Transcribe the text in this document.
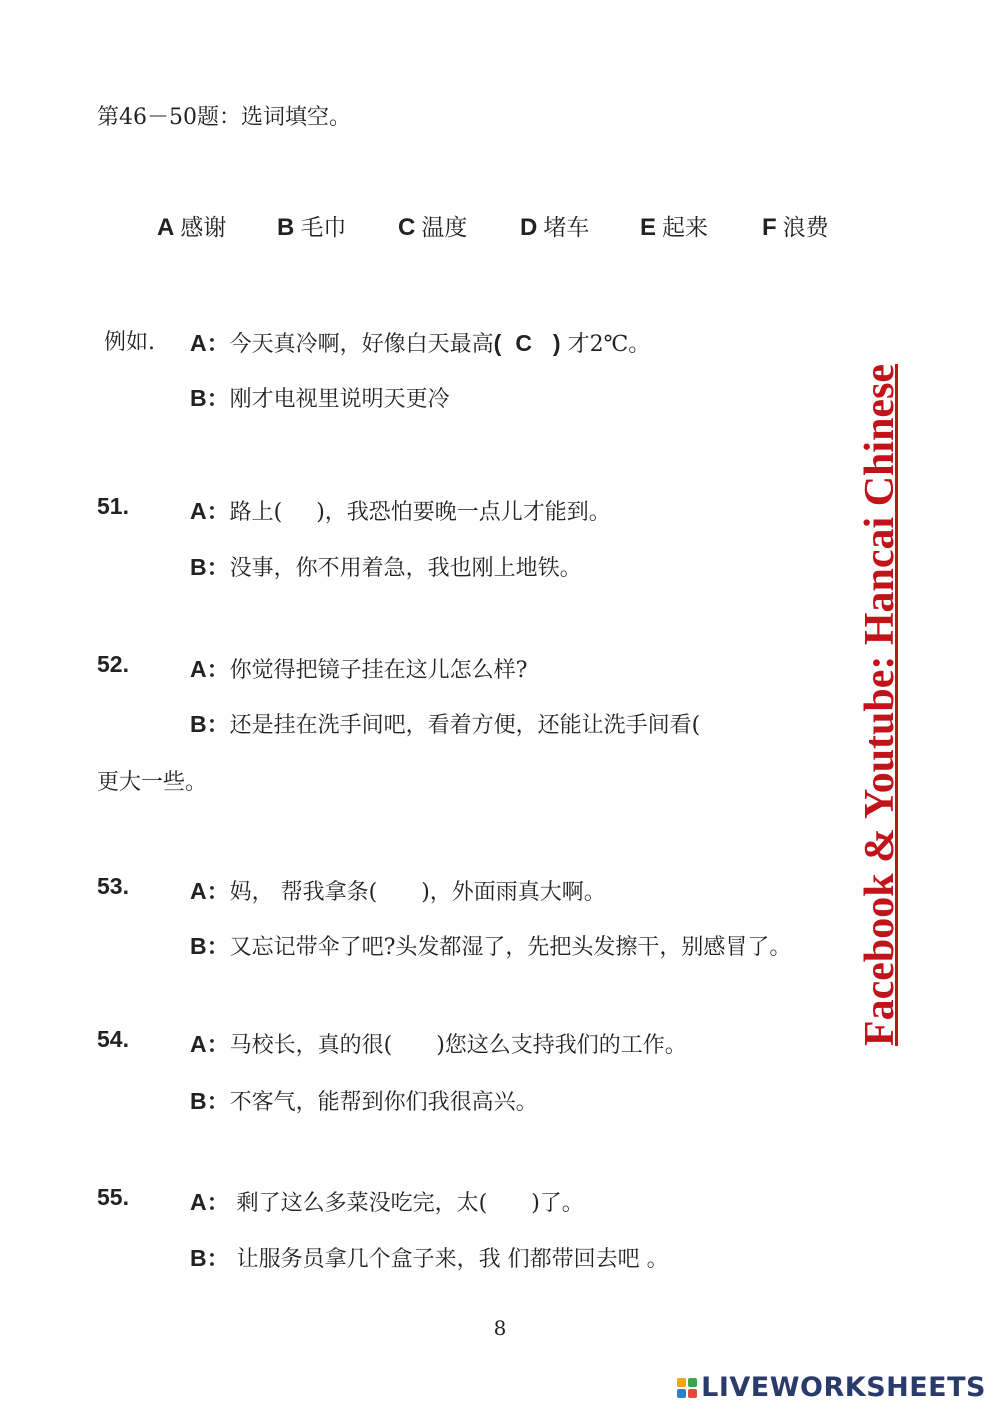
第46－50题：选词填空。
A 感谢 B 毛巾 C 温度 D 堵车 E 起来 F 浪费
例如. A：今天真冷啊，好像白天最高( C ) 才2℃。
B：刚才电视里说明天更冷
51.	A：路上( )，我恐怕要晚一点儿才能到。
B：没事，你不用着急，我也刚上地铁。
52.	A：你觉得把镜子挂在这儿怎么样?
B：还是挂在洗手间吧，看着方便，还能让洗手间看(
更大一些。
53.	A：妈， 帮我拿条( )，外面雨真大啊。
B：又忘记带伞了吧?头发都湿了，先把头发擦干，别感冒了。
54.	A：马校长，真的很( )您这么支持我们的工作。
B：不客气，能帮到你们我很高兴。
55.	A： 剩了这么多菜没吃完，太( )了。
B： 让服务员拿几个盒子来，我 们都带回去吧 。
8
Facebook & Youtube: Hancai Chinese
LIVEWORKSHEETS
